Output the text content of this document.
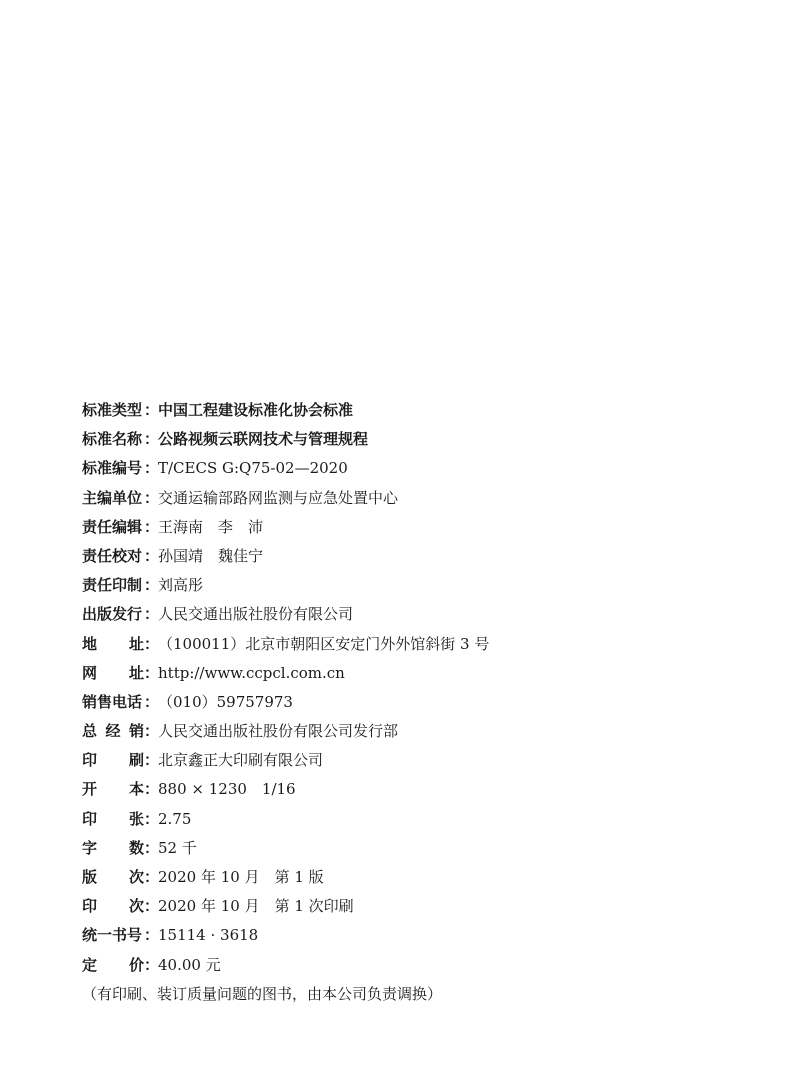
标准类型 ：
中国工程建设标准化协会标准
标准名称 ：
公路视频云联网技术与管理规程
标准编号 ：
T/CECS G:Q75-02—2020
主编单位 ：
交通运输部路网监测与应急处置中心
责任编辑 ：
王海南　李　沛
责任校对 ：
孙国靖　魏佳宁
责任印制 ：
刘高彤
出版发行 ：
人民交通出版社股份有限公司
地 址 ：
（100011）北京市朝阳区安定门外外馆斜街 3 号
网 址 ：
http://www.ccpcl.com.cn
销售电话 ：
（010）59757973
总 经 销 ：
人民交通出版社股份有限公司发行部
印 刷 ：
北京鑫正大印刷有限公司
开 本 ：
880 × 1230　1/16
印 张 ：
2.75
字 数 ：
52 千
版 次 ：
2020 年 10 月　第 1 版
印 次 ：
2020 年 10 月　第 1 次印刷
统一书号 ：
15114 · 3618
定 价 ：
40.00 元
（有印刷、装订质量问题的图书，由本公司负责调换）
